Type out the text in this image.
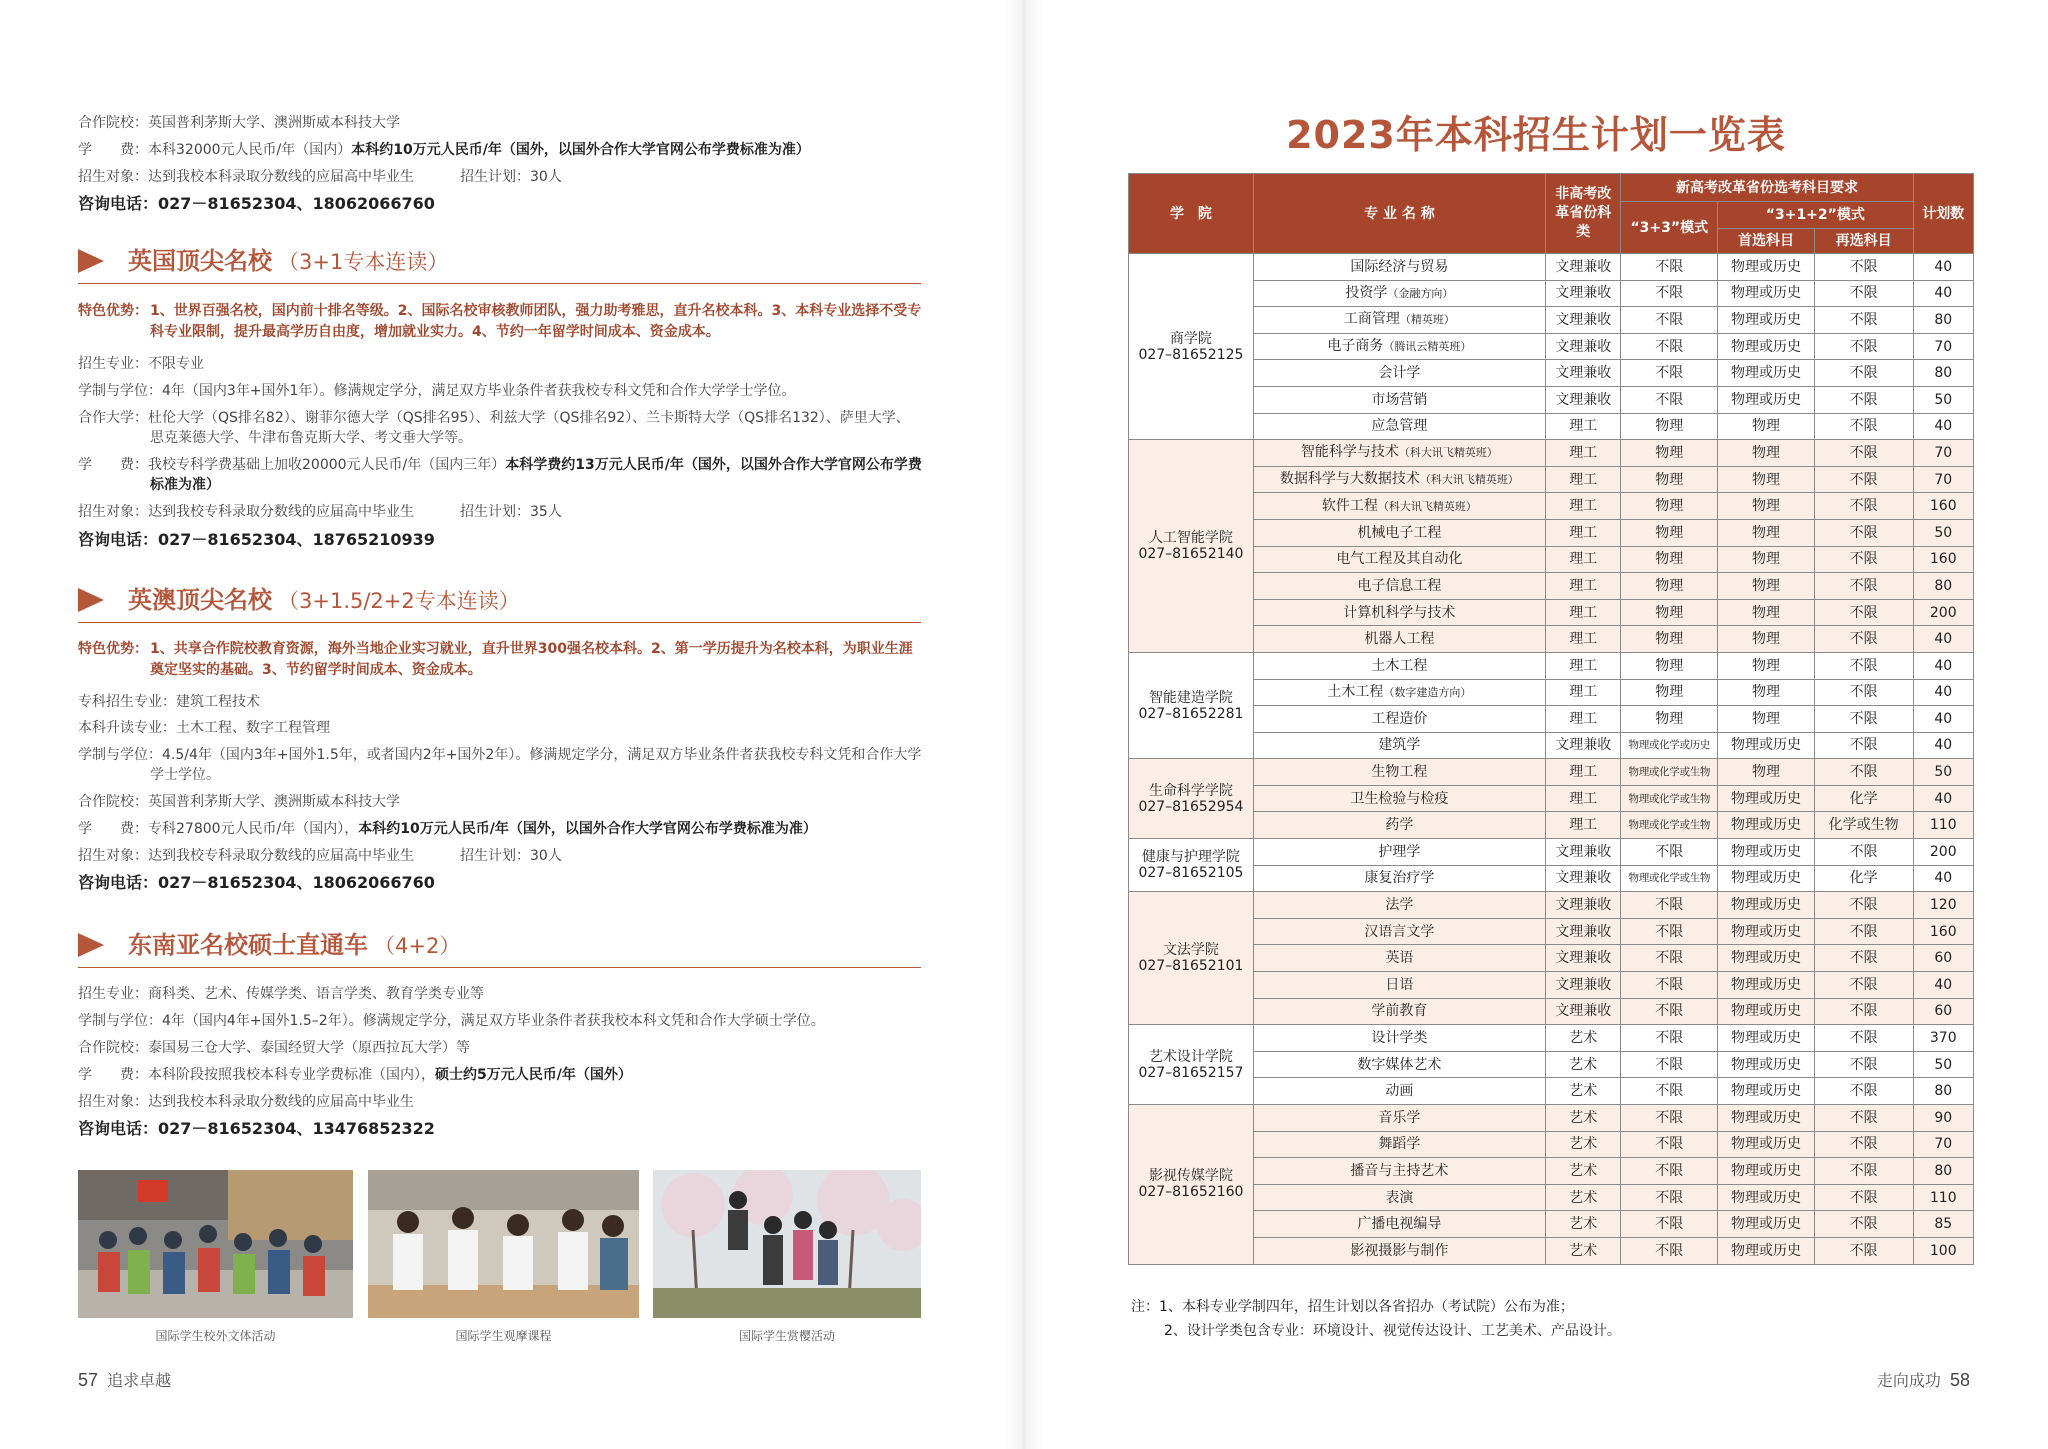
合作院校：英国普利茅斯大学、澳洲斯威本科技大学
学　　费：本科32000元人民币/年（国内）本科约10万元人民币/年（国外，以国外合作大学官网公布学费标准为准）
招生对象：达到我校本科录取分数线的应届高中毕业生	招生计划：30人
咨询电话：027－81652304、18062066760
英国顶尖名校 （3+1专本连读）
特色优势： 1、世界百强名校，国内前十排名等级。2、国际名校审核教师团队，强力助考雅思，直升名校本科。3、本科专业选择不受专科专业限制，提升最高学历自由度，增加就业实力。4、节约一年留学时间成本、资金成本。
招生专业：不限专业
学制与学位：4年（国内3年+国外1年）。修满规定学分，满足双方毕业条件者获我校专科文凭和合作大学学士学位。
合作大学：杜伦大学（QS排名82）、谢菲尔德大学（QS排名95）、利兹大学（QS排名92）、兰卡斯特大学（QS排名132）、萨里大学、思克莱德大学、牛津布鲁克斯大学、考文垂大学等。
学　　费：我校专科学费基础上加收20000元人民币/年（国内三年）本科学费约13万元人民币/年（国外，以国外合作大学官网公布学费标准为准）
招生对象：达到我校专科录取分数线的应届高中毕业生	招生计划：35人
咨询电话：027－81652304、18765210939
英澳顶尖名校 （3+1.5/2+2专本连读）
特色优势： 1、共享合作院校教育资源，海外当地企业实习就业，直升世界300强名校本科。2、第一学历提升为名校本科，为职业生涯奠定坚实的基础。3、节约留学时间成本、资金成本。
专科招生专业：建筑工程技术
本科升读专业：土木工程、数字工程管理
学制与学位：4.5/4年（国内3年+国外1.5年，或者国内2年+国外2年）。修满规定学分，满足双方毕业条件者获我校专科文凭和合作大学学士学位。
合作院校：英国普利茅斯大学、澳洲斯威本科技大学
学　　费：专科27800元人民币/年（国内），本科约10万元人民币/年（国外，以国外合作大学官网公布学费标准为准）
招生对象：达到我校专科录取分数线的应届高中毕业生	招生计划：30人
咨询电话：027－81652304、18062066760
东南亚名校硕士直通车 （4+2）
招生专业：商科类、艺术、传媒学类、语言学类、教育学类专业等
学制与学位：4年（国内4年+国外1.5–2年）。修满规定学分，满足双方毕业条件者获我校本科文凭和合作大学硕士学位。
合作院校：泰国易三仓大学、泰国经贸大学（原西拉瓦大学）等
学　　费：本科阶段按照我校本科专业学费标准（国内），硕士约5万元人民币/年（国外）
招生对象：达到我校本科录取分数线的应届高中毕业生
咨询电话：027－81652304、13476852322
国际学生校外文体活动	国际学生观摩课程	国际学生赏樱活动
57 追求卓越
2023年本科招生计划一览表
学　院	专 业 名 称	非高考改革省份科类	新高考改革省份选考科目要求			计划数
			“3+3”模式	“3+1+2”模式		
				首选科目	再选科目	

商学院
027–81652125	国际经济与贸易	文理兼收	不限	物理或历史	不限	40
	投资学（金融方向）	文理兼收	不限	物理或历史	不限	40
	工商管理（精英班）	文理兼收	不限	物理或历史	不限	80
	电子商务（腾讯云精英班）	文理兼收	不限	物理或历史	不限	70
	会计学	文理兼收	不限	物理或历史	不限	80
	市场营销	文理兼收	不限	物理或历史	不限	50
	应急管理	理工	物理	物理	不限	40

人工智能学院
027–81652140	智能科学与技术（科大讯飞精英班）	理工	物理	物理	不限	70
	数据科学与大数据技术（科大讯飞精英班）	理工	物理	物理	不限	70
	软件工程（科大讯飞精英班）	理工	物理	物理	不限	160
	机械电子工程	理工	物理	物理	不限	50
	电气工程及其自动化	理工	物理	物理	不限	160
	电子信息工程	理工	物理	物理	不限	80
	计算机科学与技术	理工	物理	物理	不限	200
	机器人工程	理工	物理	物理	不限	40

智能建造学院
027–81652281	土木工程	理工	物理	物理	不限	40
	土木工程（数字建造方向）	理工	物理	物理	不限	40
	工程造价	理工	物理	物理	不限	40
	建筑学	文理兼收	物理或化学或历史	物理或历史	不限	40

生命科学学院
027–81652954	生物工程	理工	物理或化学或生物	物理	不限	50
	卫生检验与检疫	理工	物理或化学或生物	物理或历史	化学	40
	药学	理工	物理或化学或生物	物理或历史	化学或生物	110

健康与护理学院
027–81652105	护理学	文理兼收	不限	物理或历史	不限	200
	康复治疗学	文理兼收	物理或化学或生物	物理或历史	化学	40

文法学院
027–81652101	法学	文理兼收	不限	物理或历史	不限	120
	汉语言文学	文理兼收	不限	物理或历史	不限	160
	英语	文理兼收	不限	物理或历史	不限	60
	日语	文理兼收	不限	物理或历史	不限	40
	学前教育	文理兼收	不限	物理或历史	不限	60

艺术设计学院
027–81652157	设计学类	艺术	不限	物理或历史	不限	370
	数字媒体艺术	艺术	不限	物理或历史	不限	50
	动画	艺术	不限	物理或历史	不限	80

影视传媒学院
027–81652160	音乐学	艺术	不限	物理或历史	不限	90
	舞蹈学	艺术	不限	物理或历史	不限	70
	播音与主持艺术	艺术	不限	物理或历史	不限	80
	表演	艺术	不限	物理或历史	不限	110
	广播电视编导	艺术	不限	物理或历史	不限	85
	影视摄影与制作	艺术	不限	物理或历史	不限	100
注：1、本科专业学制四年，招生计划以各省招办（考试院）公布为准；
2、设计学类包含专业：环境设计、视觉传达设计、工艺美术、产品设计。
走向成功 58
